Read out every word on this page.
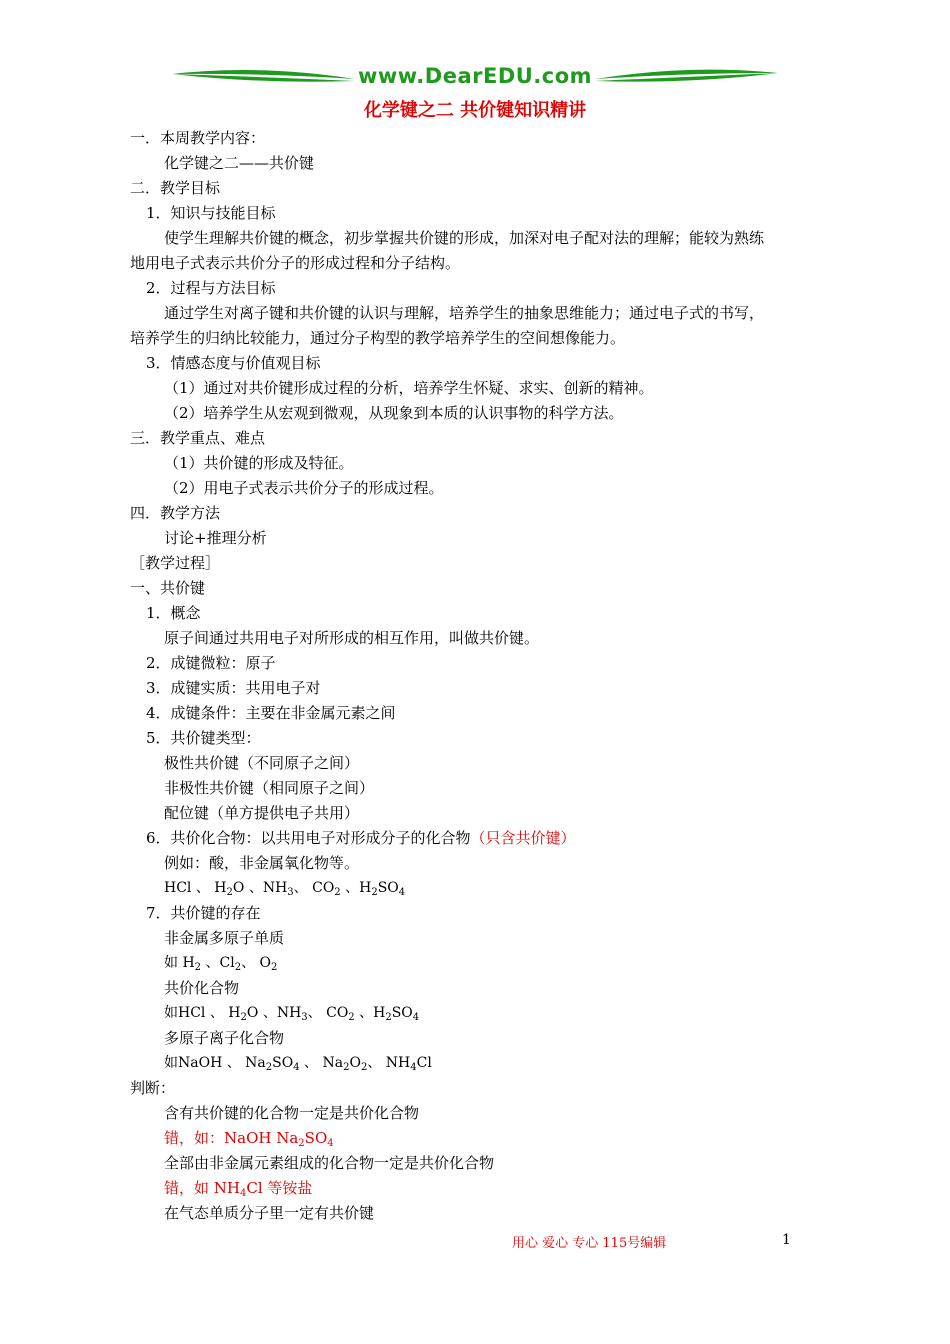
www.DearEDU.com
化学键之二 共价键知识精讲
一．本周教学内容：
化学键之二——共价键
二．教学目标
1．知识与技能目标
使学生理解共价键的概念，初步掌握共价键的形成，加深对电子配对法的理解；能较为熟练
地用电子式表示共价分子的形成过程和分子结构。
2．过程与方法目标
通过学生对离子键和共价键的认识与理解，培养学生的抽象思维能力；通过电子式的书写，
培养学生的归纳比较能力，通过分子构型的教学培养学生的空间想像能力。
3．情感态度与价值观目标
（1）通过对共价键形成过程的分析，培养学生怀疑、求实、创新的精神。
（2）培养学生从宏观到微观，从现象到本质的认识事物的科学方法。
三．教学重点、难点
（1）共价键的形成及特征。
（2）用电子式表示共价分子的形成过程。
四．教学方法
讨论+推理分析
［教学过程］
一、共价键
1．概念
原子间通过共用电子对所形成的相互作用，叫做共价键。
2．成键微粒：原子
3．成键实质：共用电子对
4．成键条件：主要在非金属元素之间
5．共价键类型：
极性共价键（不同原子之间）
非极性共价键（相同原子之间）
配位键（单方提供电子共用）
6．共价化合物：以共用电子对形成分子的化合物（只含共价键）
例如：酸，非金属氧化物等。
HCl 、 $H_2O$ 、$NH_3$、 $CO_2$ 、$H_2SO_4$
7．共价键的存在
非金属多原子单质
如 $H_2$ 、$Cl_2$、 $O_2$
共价化合物
如HCl 、 $H_2O$ 、$NH_3$、 $CO_2$ 、$H_2SO_4$
多原子离子化合物
如NaOH 、 $Na_2SO_4$ 、 $Na_2O_2$、 $NH_4Cl$
判断：
含有共价键的化合物一定是共价化合物
错，如：NaOH $Na_2SO_4$
全部由非金属元素组成的化合物一定是共价化合物
错，如 $NH_4Cl$ 等铵盐
在气态单质分子里一定有共价键
用心 爱心 专心 115号编辑	1
